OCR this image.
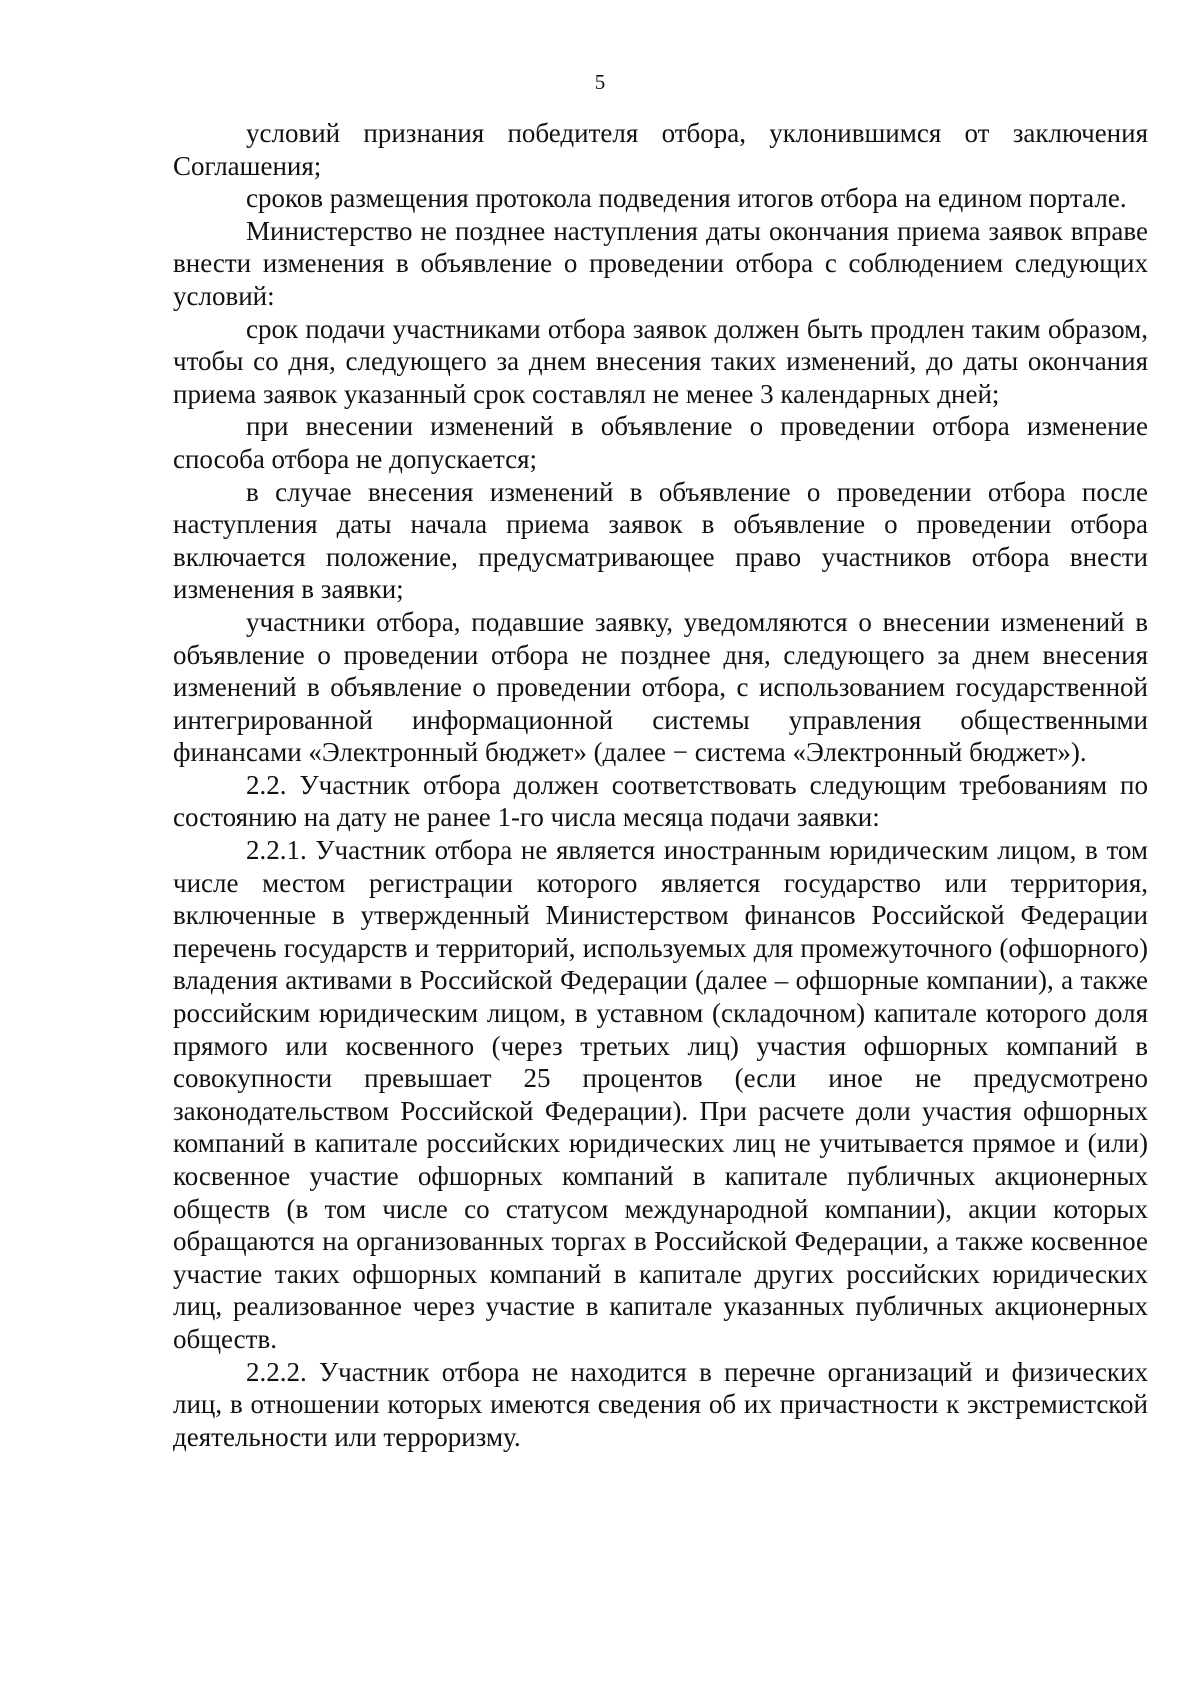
5

условий признания победителя отбора, уклонившимся от заключения Соглашения;

сроков размещения протокола подведения итогов отбора на едином портале.

Министерство не позднее наступления даты окончания приема заявок вправе внести изменения в объявление о проведении отбора с соблюдением следующих условий:

срок подачи участниками отбора заявок должен быть продлен таким образом, чтобы со дня, следующего за днем внесения таких изменений, до даты окончания приема заявок указанный срок составлял не менее 3 календарных дней;

при внесении изменений в объявление о проведении отбора изменение способа отбора не допускается;

в случае внесения изменений в объявление о проведении отбора после наступления даты начала приема заявок в объявление о проведении отбора включается положение, предусматривающее право участников отбора внести изменения в заявки;

участники отбора, подавшие заявку, уведомляются о внесении изменений в объявление о проведении отбора не позднее дня, следующего за днем внесения изменений в объявление о проведении отбора, с использованием государственной интегрированной информационной системы управления общественными финансами «Электронный бюджет» (далее − система «Электронный бюджет»).

2.2. Участник отбора должен соответствовать следующим требованиям по состоянию на дату не ранее 1-го числа месяца подачи заявки:

2.2.1. Участник отбора не является иностранным юридическим лицом, в том числе местом регистрации которого является государство или территория, включенные в утвержденный Министерством финансов Российской Федерации перечень государств и территорий, используемых для промежуточного (офшорного) владения активами в Российской Федерации (далее – офшорные компании), а также российским юридическим лицом, в уставном (складочном) капитале которого доля прямого или косвенного (через третьих лиц) участия офшорных компаний в совокупности превышает 25 процентов (если иное не предусмотрено законодательством Российской Федерации). При расчете доли участия офшорных компаний в капитале российских юридических лиц не учитывается прямое и (или) косвенное участие офшорных компаний в капитале публичных акционерных обществ (в том числе со статусом международной компании), акции которых обращаются на организованных торгах в Российской Федерации, а также косвенное участие таких офшорных компаний в капитале других российских юридических лиц, реализованное через участие в капитале указанных публичных акционерных обществ.

2.2.2. Участник отбора не находится в перечне организаций и физических лиц, в отношении которых имеются сведения об их причастности к экстремистской деятельности или терроризму.
